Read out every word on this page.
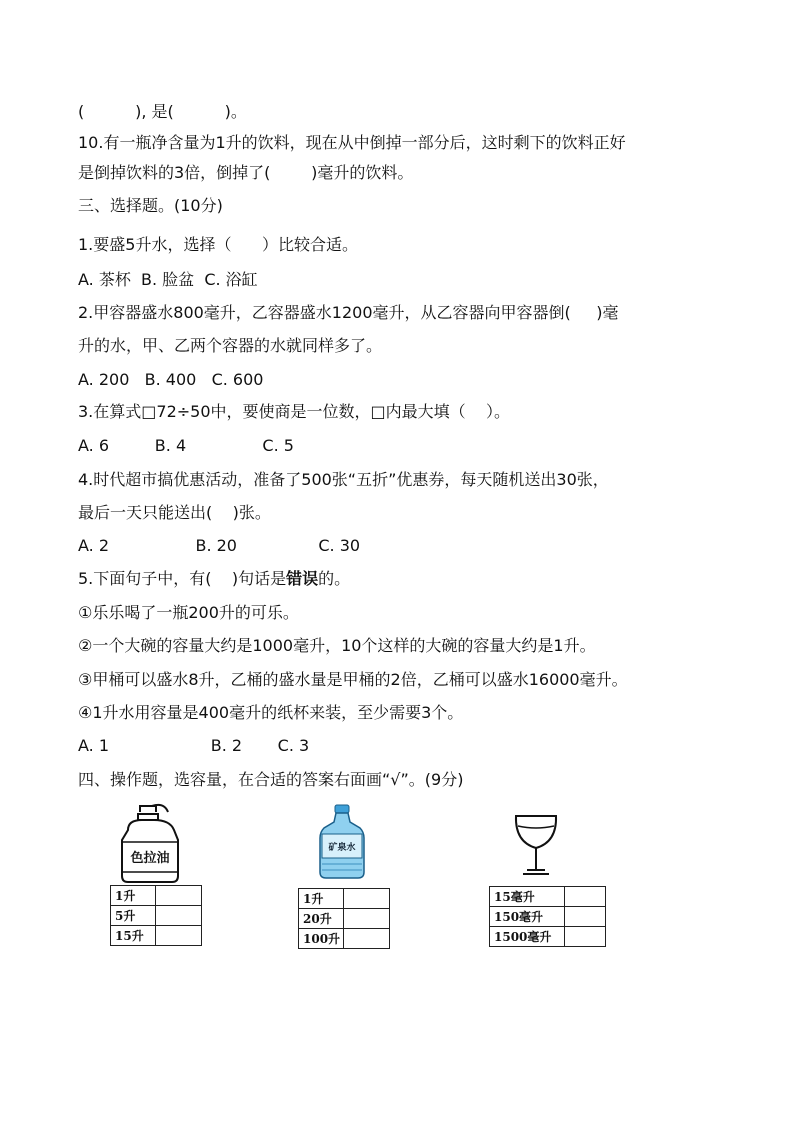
(          ), 是(          )。
10.有一瓶净含量为1升的饮料，现在从中倒掉一部分后，这时剩下的饮料正好
是倒掉饮料的3倍，倒掉了(        )毫升的饮料。
三、选择题。(10分)
1.要盛5升水，选择（      ）比较合适。
A. 茶杯  B. 脸盆  C. 浴缸
2.甲容器盛水800毫升，乙容器盛水1200毫升，从乙容器向甲容器倒(     )毫
升的水，甲、乙两个容器的水就同样多了。
A. 200   B. 400   C. 600
3.在算式□72÷50中，要使商是一位数，□内最大填（    ）。
A. 6         B. 4               C. 5
4.时代超市搞优惠活动，准备了500张“五折”优惠券，每天随机送出30张，
最后一天只能送出(    )张。
A. 2                 B. 20                C. 30
5.下面句子中，有(    )句话是错误的。
①乐乐喝了一瓶200升的可乐。
②一个大碗的容量大约是1000毫升，10个这样的大碗的容量大约是1升。
③甲桶可以盛水8升，乙桶的盛水量是甲桶的2倍，乙桶可以盛水16000毫升。
④1升水用容量是400毫升的纸杯来装，至少需要3个。
A. 1                    B. 2       C. 3
四、操作题，选容量，在合适的答案右面画“√”。(9分)
色拉油
矿泉水
1升	
5升	
15升	
1升	
20升	
100升	
15毫升	
150毫升	
1500毫升	
